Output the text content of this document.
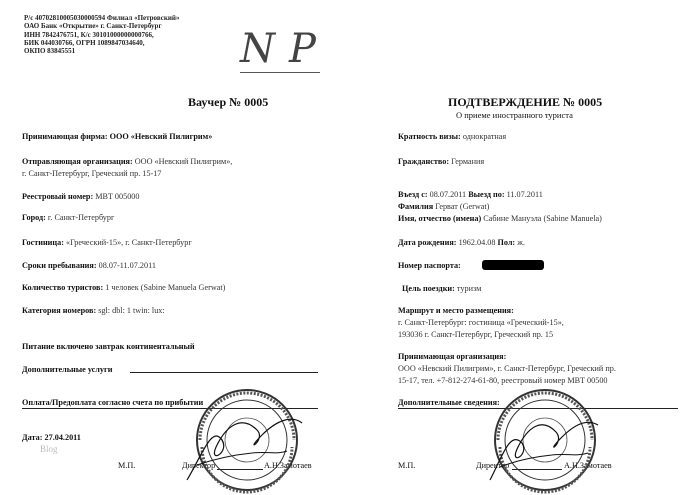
Р/с 40702810005030000594 Филиал «Петровский»
ОАО Банк «Открытие» г. Санкт-Петербург
ИНН 7842476751, К/с 30101000000000766,
БИК 044030766, ОГРН 1089847034640,
ОКПО 83845551	NP
Ваучер № 0005
Принимающая фирма: ООО «Невский Пилигрим»
Отправляющая организация: ООО «Невский Пилигрим»,
г. Санкт-Петербург, Греческий пр. 15-17
Реестровый номер: МВТ 005000
Город: г. Санкт-Петербург
Гостиница: «Греческий-15», г. Санкт-Петербург
Сроки пребывания: 08.07-11.07.2011
Количество туристов: 1 человек (Sabine Manuela Gerwat)
Категория номеров: sgl: dbl: 1 twin: lux:
Питание включено завтрак континентальный
Дополнительные услуги
Оплата/Предоплата согласно счета по прибытии
Дата: 27.04.2011
Blog
М.П.	Директор	А.Н.Замотаев
ПОДТВЕРЖДЕНИЕ № 0005
О приеме иностранного туриста
Кратность визы: однократная
Гражданство: Германия
Въезд с: 08.07.2011 Выезд по: 11.07.2011
Фамилия Герват (Gerwat)
Имя, отчество (имена) Сабине Мануэла (Sabine Manuela)
Дата рождения: 1962.04.08 Пол: ж.
Номер паспорта:
Цель поездки: туризм
Маршрут и место размещения:
г. Санкт-Петербург: гостиница «Греческий-15»,
193036 г. Санкт-Петербург, Греческий пр. 15
Принимающая организация:
ООО «Невский Пилигрим», г. Санкт-Петербург, Греческий пр.
15-17, тел. +7-812-274-61-80, реестровый номер МВТ 00500
Дополнительные сведения:
М.П.	Директор	А.Н.Замотаев
